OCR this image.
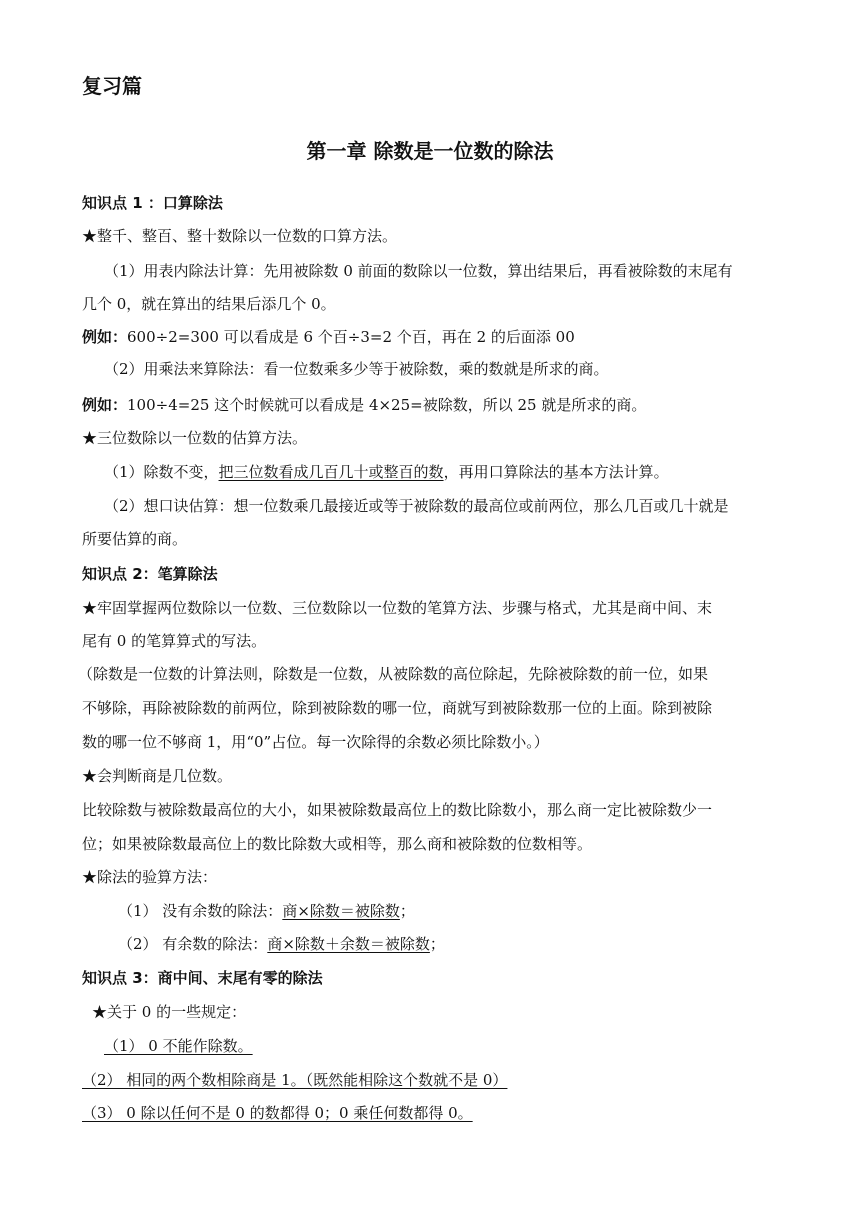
复习篇
第一章 除数是一位数的除法
知识点 1 ：口算除法
★整千、整百、整十数除以一位数的口算方法。
（1）用表内除法计算：先用被除数 0 前面的数除以一位数，算出结果后，再看被除数的末尾有
几个 0，就在算出的结果后添几个 0。
例如：600÷2=300 可以看成是 6 个百÷3=2 个百，再在 2 的后面添 00
（2）用乘法来算除法：看一位数乘多少等于被除数，乘的数就是所求的商。
例如：100÷4=25 这个时候就可以看成是 4×25=被除数，所以 25 就是所求的商。
★三位数除以一位数的估算方法。
（1）除数不变，把三位数看成几百几十或整百的数，再用口算除法的基本方法计算。
（2）想口诀估算：想一位数乘几最接近或等于被除数的最高位或前两位，那么几百或几十就是
所要估算的商。
知识点 2：笔算除法
★牢固掌握两位数除以一位数、三位数除以一位数的笔算方法、步骤与格式，尤其是商中间、末
尾有 0 的笔算算式的写法。
（除数是一位数的计算法则，除数是一位数，从被除数的高位除起，先除被除数的前一位，如果
不够除，再除被除数的前两位，除到被除数的哪一位，商就写到被除数那一位的上面。除到被除
数的哪一位不够商 1，用“0”占位。每一次除得的余数必须比除数小。）
★会判断商是几位数。
比较除数与被除数最高位的大小，如果被除数最高位上的数比除数小，那么商一定比被除数少一
位；如果被除数最高位上的数比除数大或相等，那么商和被除数的位数相等。
★除法的验算方法：
（1） 没有余数的除法：商×除数＝被除数；
（2） 有余数的除法：商×除数＋余数＝被除数；
知识点 3：商中间、末尾有零的除法
★关于 0 的一些规定：
（1） 0 不能作除数。
（2） 相同的两个数相除商是 1。（既然能相除这个数就不是 0）
（3） 0 除以任何不是 0 的数都得 0；0 乘任何数都得 0。
